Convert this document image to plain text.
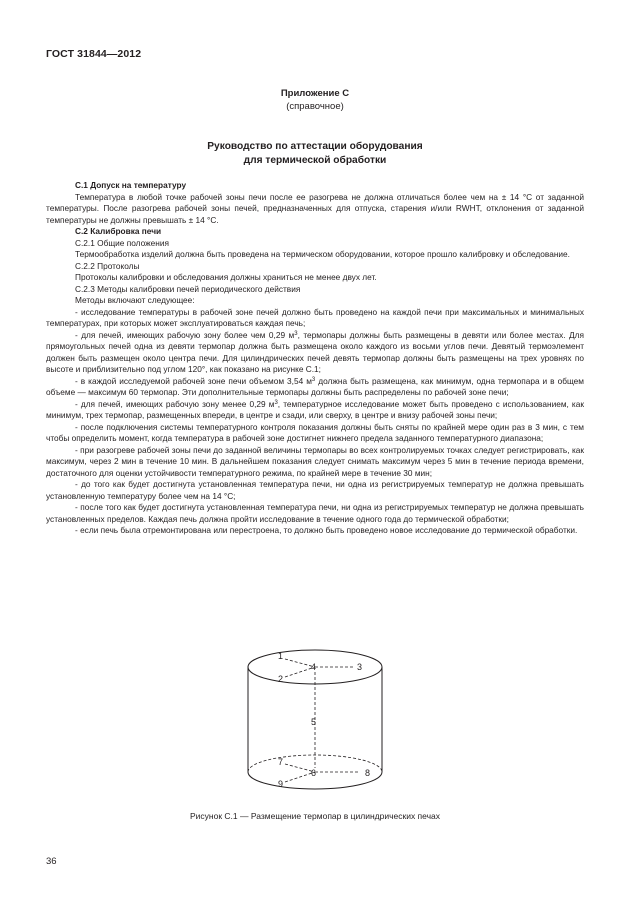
ГОСТ 31844—2012
Приложение С
(справочное)
Руководство по аттестации оборудования
для термической обработки

С.1 Допуск на температуру

Температура в любой точке рабочей зоны печи после ее разогрева не должна отличаться более чем на ± 14 °С от заданной температуры. После разогрева рабочей зоны печей, предназначенных для отпуска, старения и/или RWHT, отклонения от заданной температуры не должны превышать ± 14 °С.

С.2 Калибровка печи

С.2.1 Общие положения

Термообработка изделий должна быть проведена на термическом оборудовании, которое прошло калибровку и обследование.

С.2.2 Протоколы

Протоколы калибровки и обследования должны храниться не менее двух лет.

С.2.3 Методы калибровки печей периодического действия

Методы включают следующее:

- исследование температуры в рабочей зоне печей должно быть проведено на каждой печи при максимальных и минимальных температурах, при которых может эксплуатироваться каждая печь;

- для печей, имеющих рабочую зону более чем 0,29 $м^3$, термопары должны быть размещены в девяти или более местах. Для прямоугольных печей одна из девяти термопар должна быть размещена около каждого из восьми углов печи. Девятый термоэлемент должен быть размещен около центра печи. Для цилиндрических печей девять термопар должны быть размещены на трех уровнях по высоте и приблизительно под углом 120°, как показано на рисунке С.1;

- в каждой исследуемой рабочей зоне печи объемом 3,54 $м^3$ должна быть размещена, как минимум, одна термопара и в общем объеме — максимум 60 термопар. Эти дополнительные термопары должны быть распределены по рабочей зоне печи;

- для печей, имеющих рабочую зону менее 0,29 $м^3$, температурное исследование может быть проведено с использованием, как минимум, трех термопар, размещенных впереди, в центре и сзади, или сверху, в центре и внизу рабочей зоны печи;

- после подключения системы температурного контроля показания должны быть сняты по крайней мере один раз в 3 мин, с тем чтобы определить момент, когда температура в рабочей зоне достигнет нижнего предела заданного температурного диапазона;

- при разогреве рабочей зоны печи до заданной величины термопары во всех контролируемых точках следует регистрировать, как максимум, через 2 мин в течение 10 мин. В дальнейшем показания следует снимать максимум через 5 мин в течение периода времени, достаточного для оценки устойчивости температурного режима, по крайней мере в течение 30 мин;

- до того как будет достигнута установленная температура печи, ни одна из регистрируемых температур не должна превышать установленную температуру более чем на 14 °С;

- после того как будет достигнута установленная температура печи, ни одна из регистрируемых температур не должна превышать установленных пределов. Каждая печь должна пройти исследование в течение одного года до термической обработки;

- если печь была отремонтирована или перестроена, то должно быть проведено новое исследование до термической обработки.

1
2
3
4
5
6
7
8
9
Рисунок С.1 — Размещение термопар в цилиндрических печах
36
